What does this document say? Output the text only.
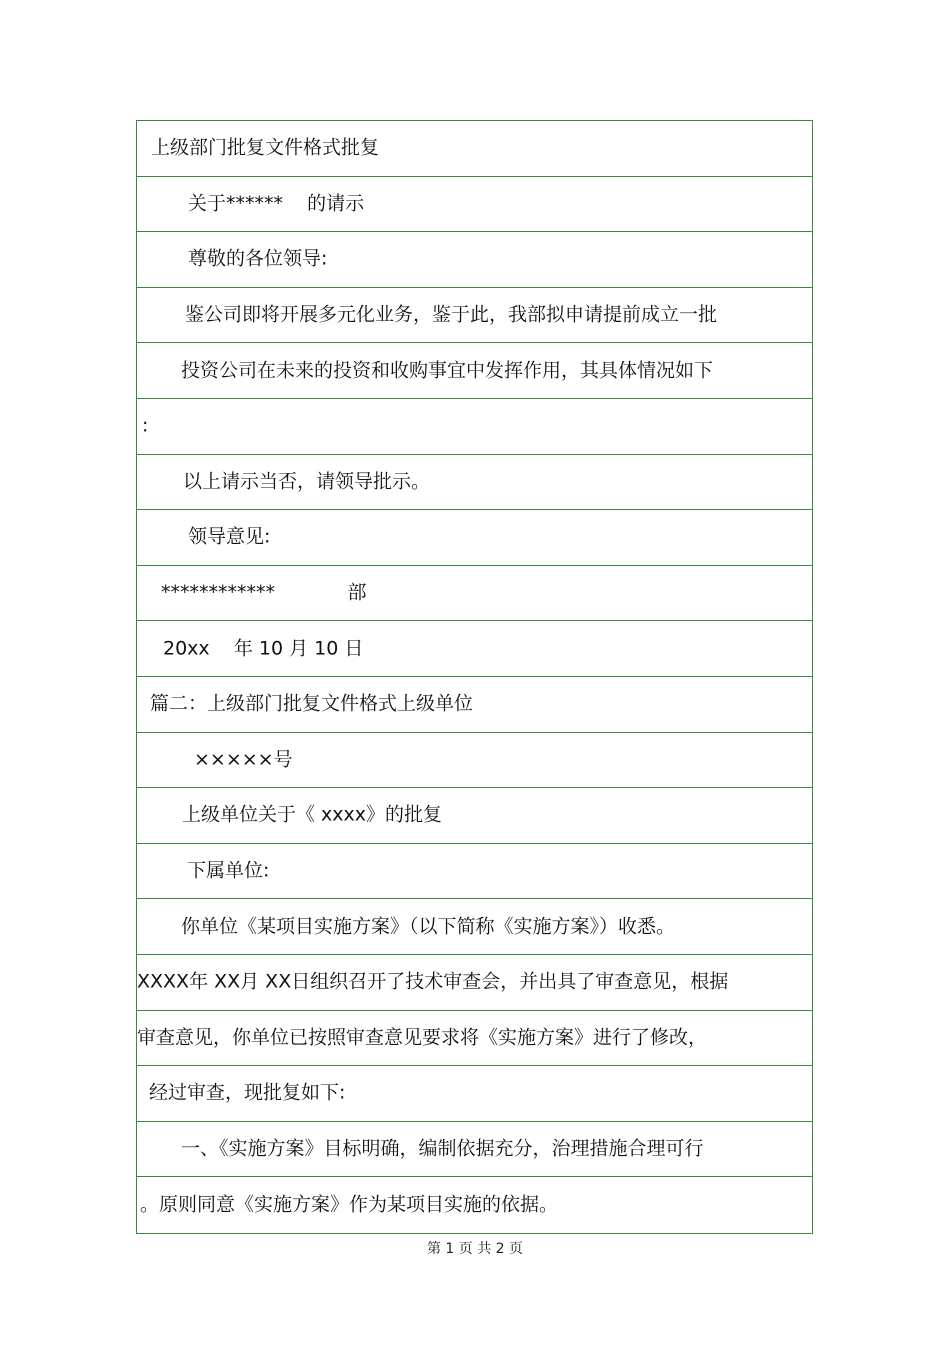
上级部门批复文件格式批复
关于******    的请示
尊敬的各位领导:
鉴公司即将开展多元化业务，鉴于此，我部拟申请提前成立一批
投资公司在未来的投资和收购事宜中发挥作用，其具体情况如下
:
以上请示当否，请领导批示。
领导意见:
************            部
20xx    年 10 月 10 日
篇二：上级部门批复文件格式上级单位
×××××号
上级单位关于《 xxxx》的批复
下属单位:
你单位《某项目实施方案》（以下简称《实施方案》）收悉。
XXXX年 XX月 XX日组织召开了技术审查会，并出具了审查意见，根据
审查意见，你单位已按照审查意见要求将《实施方案》进行了修改，
经过审查，现批复如下:
一、《实施方案》目标明确，编制依据充分，治理措施合理可行
。原则同意《实施方案》作为某项目实施的依据。
第 1 页 共 2 页
